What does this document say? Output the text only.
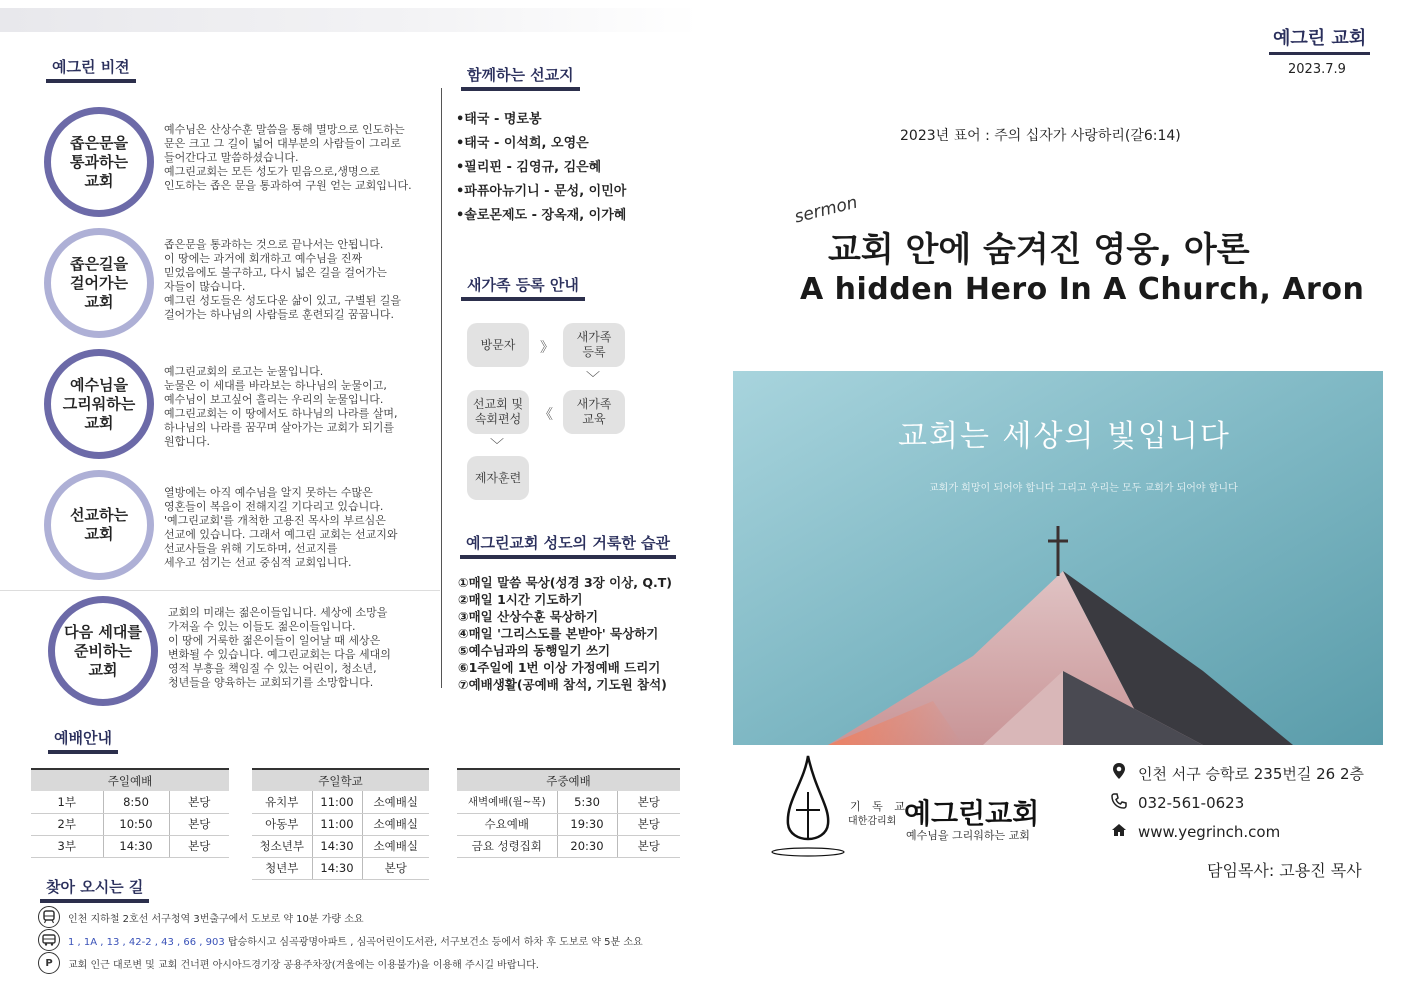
예그린 비젼
좁은문을
통과하는
교회
예수님은 산상수훈 말씀을 통해 멸망으로 인도하는
문은 크고 그 길이 넓어 대부분의 사람들이 그리로
들어간다고 말씀하셨습니다.
예그린교회는 모든 성도가 믿음으로,생명으로
인도하는 좁은 문을 통과하여 구원 얻는 교회입니다.
좁은길을
걸어가는
교회
좁은문을 통과하는 것으로 끝나서는 안됩니다.
이 땅에는 과거에 회개하고 예수님을 진짜
믿었음에도 불구하고, 다시 넓은 길을 걸어가는
자들이 많습니다.
예그린 성도들은 성도다운 삶이 있고, 구별된 길을
걸어가는 하나님의 사람들로 훈련되길 꿈꿉니다.
예수님을
그리워하는
교회
예그린교회의 로고는 눈물입니다.
눈물은 이 세대를 바라보는 하나님의 눈물이고,
예수님이 보고싶어 흘리는 우리의 눈물입니다.
예그린교회는 이 땅에서도 하나님의 나라를 살며,
하나님의 나라를 꿈꾸며 살아가는 교회가 되기를
원합니다.
선교하는
교회
열방에는 아직 예수님을 알지 못하는 수많은
영혼들이 복음이 전해지길 기다리고 있습니다.
'예그린교회'를 개척한 고용진 목사의 부르심은
선교에 있습니다. 그래서 예그린 교회는 선교지와
선교사들을 위해 기도하며, 선교지를
세우고 섬기는 선교 중심적 교회입니다.
다음 세대를
준비하는
교회
교회의 미래는 젊은이들입니다. 세상에 소망을
가져올 수 있는 이들도 젊은이들입니다.
이 땅에 거룩한 젊은이들이 일어날 때 세상은
변화될 수 있습니다. 예그린교회는 다음 세대의
영적 부흥을 책임질 수 있는 어린이, 청소년,
청년들을 양육하는 교회되기를 소망합니다.
함께하는 선교지
•태국 - 명로봉
•태국 - 이석희, 오영은
•필리핀 - 김영규, 김은혜
•파퓨아뉴기니 - 문성, 이민아
•솔로몬제도 - 장옥재, 이가혜
새가족 등록 안내
방문자	》
새가족
등록
﹀
새가족
교육
《
선교회 및
속회편성
﹀
제자훈련
예그린교회 성도의 거룩한 습관
①매일 말씀 묵상(성경 3장 이상, Q.T)
②매일 1시간 기도하기
③매일 산상수훈 묵상하기
④매일 '그리스도를 본받아' 묵상하기
⑤예수님과의 동행일기 쓰기
⑥1주일에 1번 이상 가정예배 드리기
⑦예배생활(공예배 참석, 기도원 참석)
예배안내
주일예배		
1부	8:50	본당
2부	10:50	본당
3부	14:30	본당
주일학교		
유치부	11:00	소예배실
아동부	11:00	소예배실
청소년부	14:30	소예배실
청년부	14:30	본당
주중예배		
새벽예배(월~목)	5:30	본당
수요예배	19:30	본당
금요 성령집회	20:30	본당
찾아 오시는 길
인천 지하철 2호선 서구청역 3번출구에서 도보로 약 10분 가량 소요
1 , 1A , 13 , 42-2 , 43 , 66 , 903 탑승하시고 심곡광명아파트 , 심곡어린이도서관, 서구보건소 등에서 하차 후 도보로 약 5분 소요
P	교회 인근 대로변 및 교회 건너편 아시아드경기장 공용주차장(겨울에는 이용불가)을 이용해 주시길 바랍니다.
예그린 교회
2023.7.9
2023년 표어 : 주의 십자가 사랑하리(갈6:14)
sermon
교회 안에 숨겨진 영웅, 아론
A hidden Hero In A Church, Aron
교회는 세상의 빛입니다
교회가 희망이 되어야 합니다 그리고 우리는 모두 교회가 되어야 합니다
기 독 교
대한감리회 예그린교회
예수님을 그리워하는 교회
인천 서구 승학로 235번길 26 2층
032-561-0623
www.yegrinch.com
담임목사: 고용진 목사
